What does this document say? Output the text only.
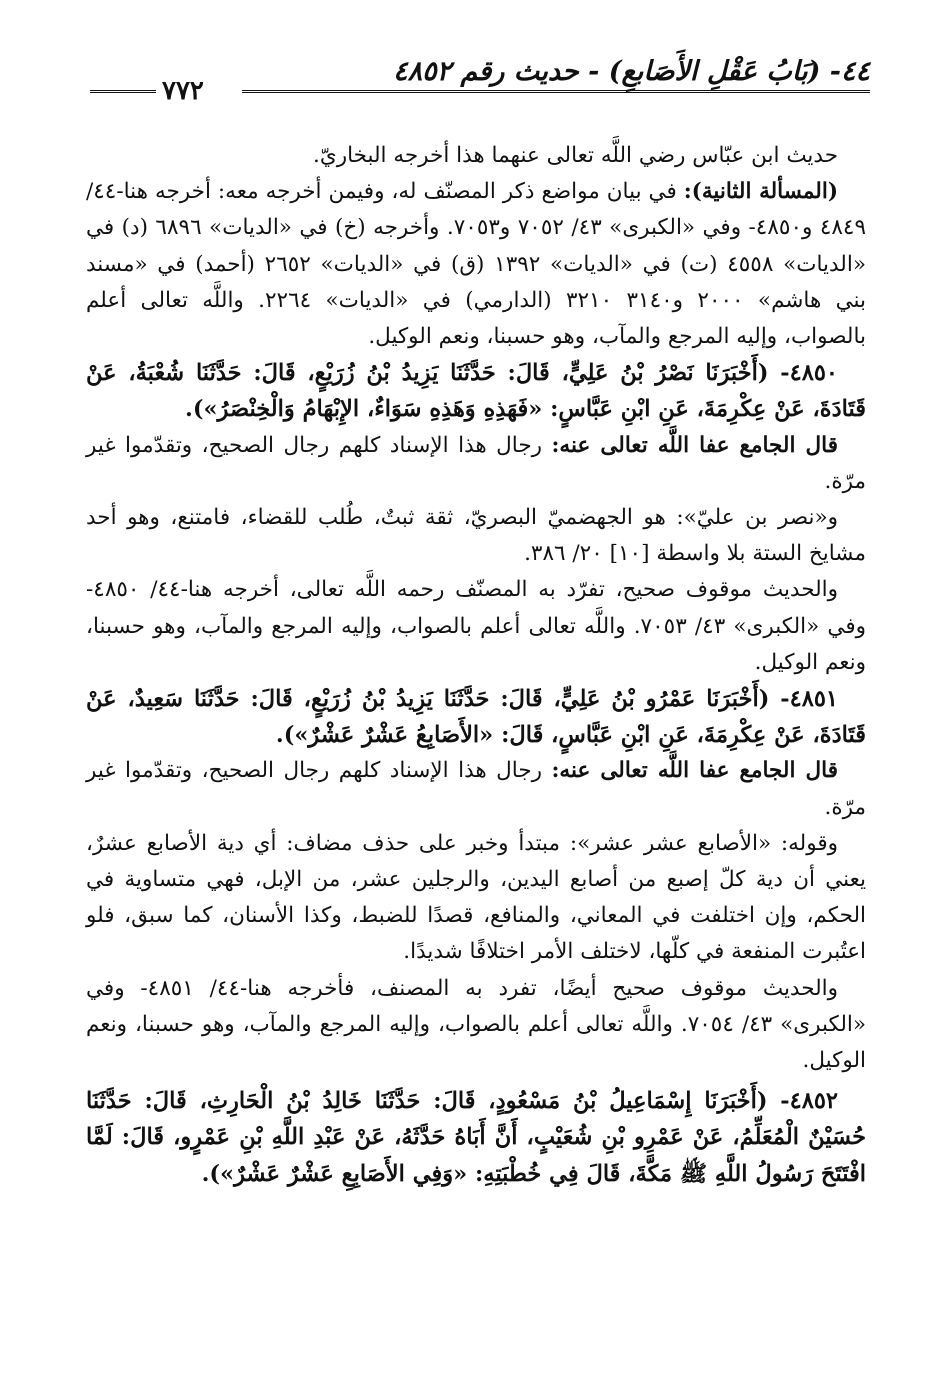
٢٧٧
٤٤- (بَابُ عَقْلِ الأَصَابعِ) - حديث رقم ٤٨٥٢

حديث ابن عبّاس رضي اللَّه تعالى عنهما هذا أخرجه البخاريّ.

(المسألة الثانية): في بيان مواضع ذكر المصنّف له، وفيمن أخرجه معه: أخرجه هنا-٤٤/ ٤٨٤٩ و٤٨٥٠- وفي «الكبرى» ٤٣/ ٧٠٥٢ و٧٠٥٣. وأخرجه (خ) في «الديات» ٦٨٩٦ (د) في «الديات» ٤٥٥٨ (ت) في «الديات» ١٣٩٢ (ق) في «الديات» ٢٦٥٢ (أحمد) في «مسند بني هاشم» ٢٠٠٠ و٣١٤٠ ٣٢١٠ (الدارمي) في «الديات» ٢٢٦٤. واللَّه تعالى أعلم بالصواب، وإليه المرجع والمآب، وهو حسبنا، ونعم الوكيل.

٤٨٥٠- (أَخْبَرَنَا نَصْرُ بْنُ عَلِيٍّ، قَالَ: حَدَّثَنَا يَزِيدُ بْنُ زُرَيْعٍ، قَالَ: حَدَّثَنَا شُعْبَةُ، عَنْ قَتَادَةَ، عَنْ عِكْرِمَةَ، عَنِ ابْنِ عَبَّاسٍ: «فَهَذِهِ وَهَذِهِ سَوَاءٌ، الإِبْهَامُ وَالْخِنْصَرُ»).

قال الجامع عفا اللَّه تعالى عنه: رجال هذا الإسناد كلهم رجال الصحيح، وتقدّموا غير مرّة.

و«نصر بن عليّ»: هو الجهضميّ البصريّ، ثقة ثبتٌ، طُلب للقضاء، فامتنع، وهو أحد مشايخ الستة بلا واسطة [١٠] ٢٠/ ٣٨٦.

والحديث موقوف صحيح، تفرّد به المصنّف رحمه اللَّه تعالى، أخرجه هنا-٤٤/ ٤٨٥٠- وفي «الكبرى» ٤٣/ ٧٠٥٣. واللَّه تعالى أعلم بالصواب، وإليه المرجع والمآب، وهو حسبنا، ونعم الوكيل.

٤٨٥١- (أَخْبَرَنَا عَمْرُو بْنُ عَلِيٍّ، قَالَ: حَدَّثَنَا يَزِيدُ بْنُ زُرَيْعٍ، قَالَ: حَدَّثَنَا سَعِيدٌ، عَنْ قَتَادَةَ، عَنْ عِكْرِمَةَ، عَنِ ابْنِ عَبَّاسٍ، قَالَ: «الأَصَابِعُ عَشْرٌ عَشْرٌ»).

قال الجامع عفا اللَّه تعالى عنه: رجال هذا الإسناد كلهم رجال الصحيح، وتقدّموا غير مرّة.

وقوله: «الأصابع عشر عشر»: مبتدأ وخبر على حذف مضاف: أي دية الأصابع عشرٌ، يعني أن دية كلّ إصبع من أصابع اليدين، والرجلين عشر، من الإبل، فهي متساوية في الحكم، وإن اختلفت في المعاني، والمنافع، قصدًا للضبط، وكذا الأسنان، كما سبق، فلو اعتُبرت المنفعة في كلّها، لاختلف الأمر اختلافًا شديدًا.

والحديث موقوف صحيح أيضًا، تفرد به المصنف، فأخرجه هنا-٤٤/ ٤٨٥١- وفي «الكبرى» ٤٣/ ٧٠٥٤. واللَّه تعالى أعلم بالصواب، وإليه المرجع والمآب، وهو حسبنا، ونعم الوكيل.

٤٨٥٢- (أَخْبَرَنَا إِسْمَاعِيلُ بْنُ مَسْعُودٍ، قَالَ: حَدَّثَنَا خَالِدُ بْنُ الْحَارِثِ، قَالَ: حَدَّثَنَا حُسَيْنٌ الْمُعَلِّمُ، عَنْ عَمْرِو بْنِ شُعَيْبٍ، أَنَّ أَبَاهُ حَدَّثَهُ، عَنْ عَبْدِ اللَّهِ بْنِ عَمْرٍو، قَالَ: لَمَّا افْتَتَحَ رَسُولُ اللَّهِ ﷺ مَكَّةَ، قَالَ فِي خُطْبَتِهِ: «وَفِي الأَصَابِعِ عَشْرٌ عَشْرٌ»).
